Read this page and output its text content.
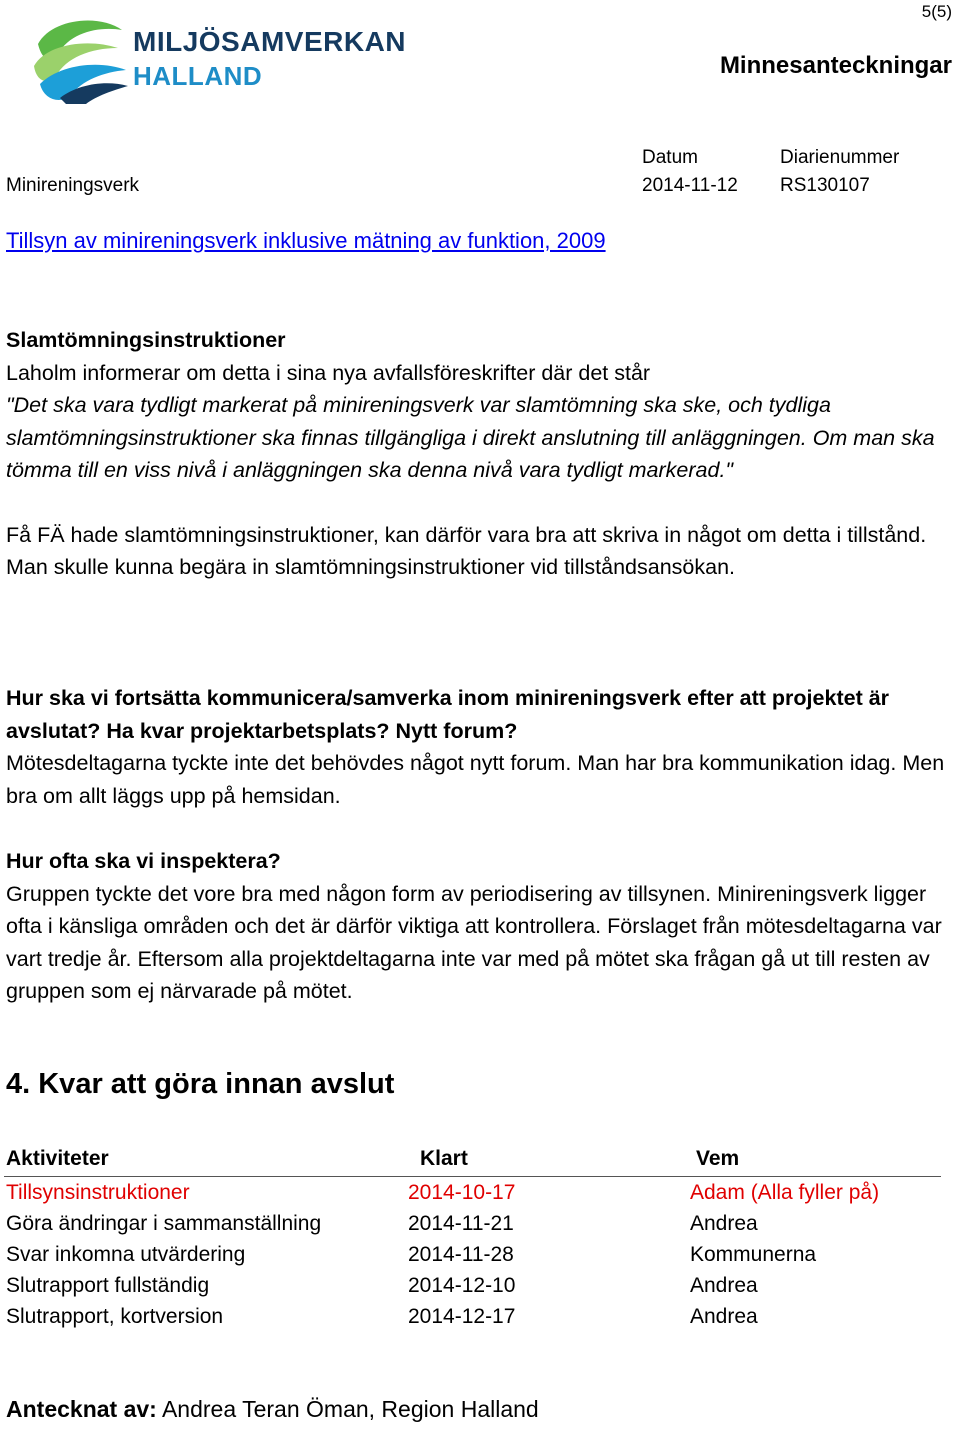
MILJÖSAMVERKAN
HALLAND
5(5)
Minnesanteckningar
Datum	Diarienummer
Minireningsverk	2014-11-12 RS130107
Tillsyn av minireningsverk inklusive mätning av funktion, 2009

Slamtömningsinstruktioner

Laholm informerar om detta i sina nya avfallsföreskrifter där det står

"Det ska vara tydligt markerat på minireningsverk var slamtömning ska ske, och tydliga slamtömningsinstruktioner ska finnas tillgängliga i direkt anslutning till anläggningen. Om man ska tömma till en viss nivå i anläggningen ska denna nivå vara tydligt markerad."

Få FÄ hade slamtömningsinstruktioner, kan därför vara bra att skriva in något om detta i tillstånd. Man skulle kunna begära in slamtömningsinstruktioner vid tillståndsansökan.

Hur ska vi fortsätta kommunicera/samverka inom minireningsverk efter att projektet är avslutat? Ha kvar projektarbetsplats? Nytt forum?

Mötesdeltagarna tyckte inte det behövdes något nytt forum. Man har bra kommunikation idag. Men bra om allt läggs upp på hemsidan.

Hur ofta ska vi inspektera?

Gruppen tyckte det vore bra med någon form av periodisering av tillsynen. Minireningsverk ligger ofta i känsliga områden och det är därför viktiga att kontrollera. Förslaget från mötesdeltagarna var vart tredje år. Eftersom alla projektdeltagarna inte var med på mötet ska frågan gå ut till resten av gruppen som ej närvarade på mötet.

4. Kvar att göra innan avslut
Aktiviteter	Klart	Vem
Tillsynsinstruktioner	2014-10-17	Adam (Alla fyller på)
Göra ändringar i sammanställning	2014-11-21	Andrea
Svar inkomna utvärdering	2014-11-28	Kommunerna
Slutrapport fullständig	2014-12-10	Andrea
Slutrapport, kortversion	2014-12-17	Andrea
Antecknat av: Andrea Teran Öman, Region Halland
